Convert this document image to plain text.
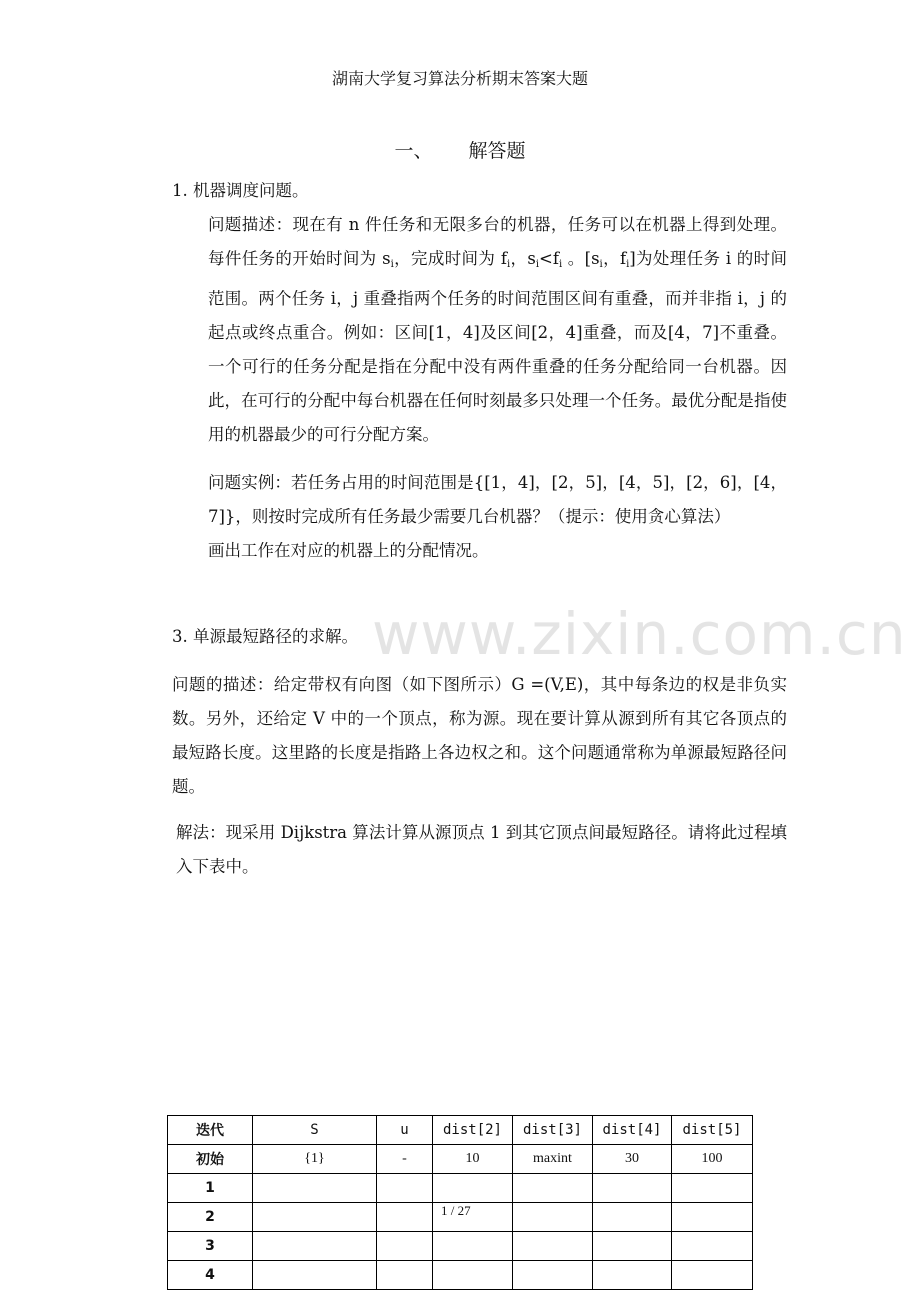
湖南大学复习算法分析期末答案大题
一、 解答题
1. 机器调度问题。
问题描述：现在有 n 件任务和无限多台的机器，任务可以在机器上得到处理。每件任务的开始时间为 $s_i$，完成时间为 $f_i$，$s_i<f_i$ 。[$s_i$，$f_i$]为处理任务 i 的时间范围。两个任务 i，j 重叠指两个任务的时间范围区间有重叠，而并非指 i，j 的起点或终点重合。例如：区间[1，4]及区间[2，4]重叠，而及[4，7]不重叠。一个可行的任务分配是指在分配中没有两件重叠的任务分配给同一台机器。因此，在可行的分配中每台机器在任何时刻最多只处理一个任务。最优分配是指使用的机器最少的可行分配方案。
问题实例：若任务占用的时间范围是{[1，4]，[2，5]，[4，5]，[2，6]，[4，7]}，则按时完成所有任务最少需要几台机器？（提示：使用贪心算法）
画出工作在对应的机器上的分配情况。
www.zixin.com.cn
3. 单源最短路径的求解。
问题的描述：给定带权有向图（如下图所示）G =(V,E)，其中每条边的权是非负实数。另外，还给定 V 中的一个顶点，称为源。现在要计算从源到所有其它各顶点的最短路长度。这里路的长度是指路上各边权之和。这个问题通常称为单源最短路径问题。
解法：现采用 Dijkstra 算法计算从源顶点 1 到其它顶点间最短路径。请将此过程填入下表中。
迭代	S	u	dist[2]	dist[3]	dist[4]	dist[5]
初始	{1}	-	10	maxint	30	100
1						
2			1 / 27			
3						
4						
